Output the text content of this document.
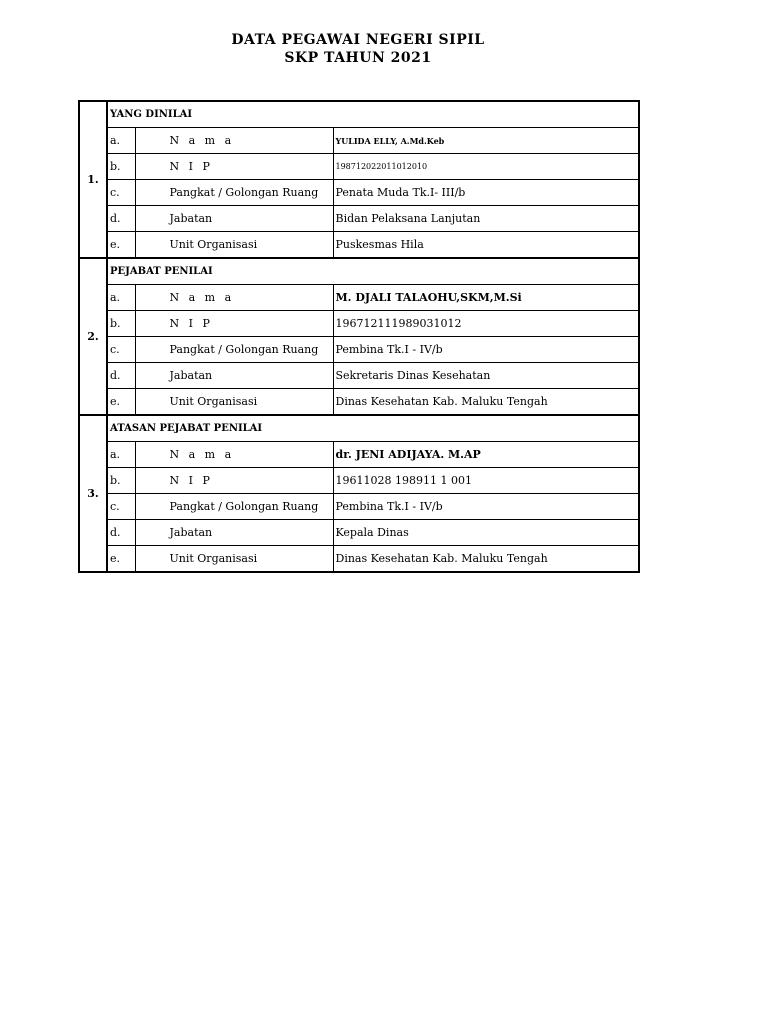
DATA PEGAWAI NEGERI SIPIL
SKP TAHUN 2021
1.	YANG DINILAI		
	a.	N a m a	YULIDA ELLY, A.Md.Keb
	b.	N I P	198712022011012010
	c.	Pangkat / Golongan Ruang	Penata Muda Tk.I- III/b
	d.	Jabatan	Bidan Pelaksana Lanjutan
	e.	Unit Organisasi	Puskesmas Hila
2.	PEJABAT PENILAI		
	a.	N a m a	M. DJALI TALAOHU,SKM,M.Si
	b.	N I P	196712111989031012
	c.	Pangkat / Golongan Ruang	Pembina Tk.I - IV/b
	d.	Jabatan	Sekretaris Dinas Kesehatan
	e.	Unit Organisasi	Dinas Kesehatan Kab. Maluku Tengah
3.	ATASAN PEJABAT PENILAI		
	a.	N a m a	dr. JENI ADIJAYA. M.AP
	b.	N I P	19611028 198911 1 001
	c.	Pangkat / Golongan Ruang	Pembina Tk.I - IV/b
	d.	Jabatan	Kepala Dinas
	e.	Unit Organisasi	Dinas Kesehatan Kab. Maluku Tengah
